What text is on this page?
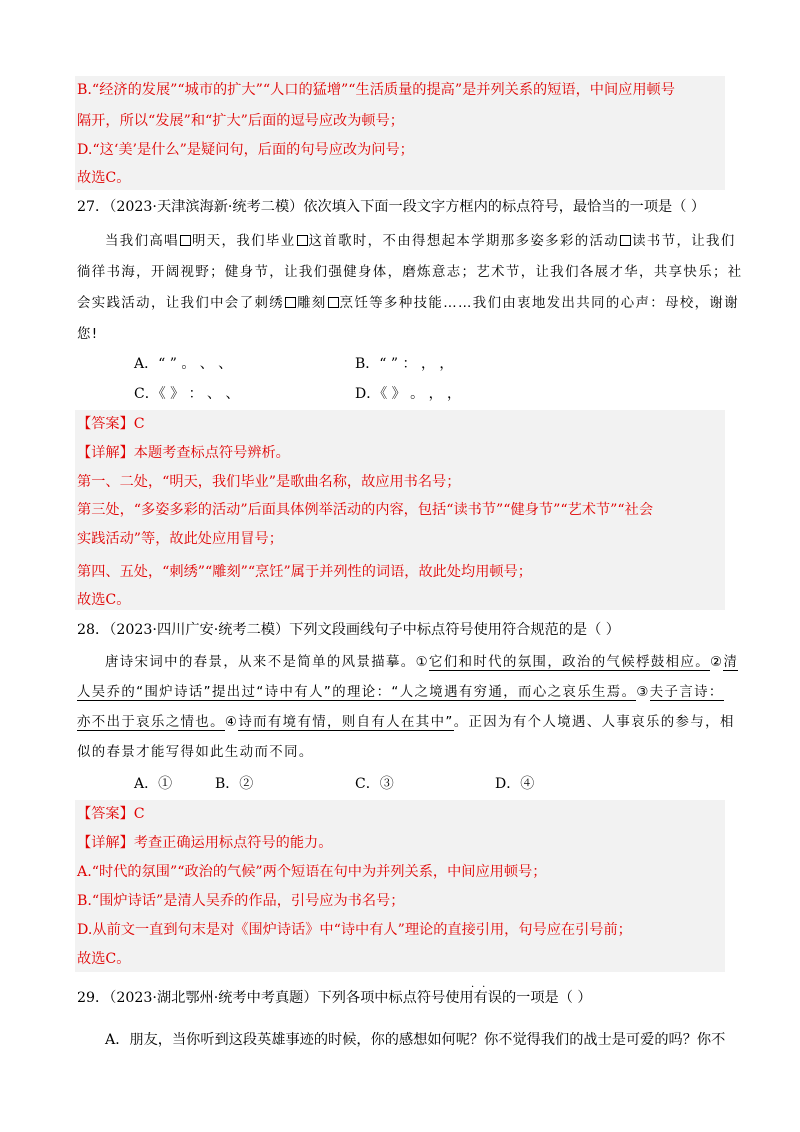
B.“经济的发展”“城市的扩大”“人口的猛增”“生活质量的提高”是并列关系的短语，中间应用顿号
隔开，所以“发展”和“扩大”后面的逗号应改为顿号；
D.“这‘美’是什么”是疑问句，后面的句号应改为问号；
故选C。
27．（2023·天津滨海新·统考二模）依次填入下面一段文字方框内的标点符号，最恰当的一项是（ ）
当我们高唱 明天，我们毕业 这首歌时，不由得想起本学期那多姿多彩的活动 读书节，让我们
徜徉书海，开阔视野；健身节，让我们强健身体，磨炼意志；艺术节，让我们各展才华，共享快乐；社
会实践活动，让我们中会了刺绣 雕刻 烹饪等多种技能……我们由衷地发出共同的心声：母校，谢谢
您!
A．“ ” 。 、 、	B．“ ” ： ， ，
C．《 》 ： 、 、	D．《 》 。 ， ，
【答案】C
【详解】本题考查标点符号辨析。
第一、二处，“明天，我们毕业”是歌曲名称，故应用书名号；
第三处，“多姿多彩的活动”后面具体例举活动的内容，包括“读书节”“健身节”“艺术节”“社会
实践活动”等，故此处应用冒号；
第四、五处，“刺绣”“雕刻”“烹饪”属于并列性的词语，故此处均用顿号；
故选C。
28．（2023·四川广安·统考二模）下列文段画线句子中标点符号使用符合规范的是（ ）
唐诗宋词中的春景，从来不是简单的风景描摹。①它们和时代的氛围，政治的气候桴鼓相应。②清
人吴乔的“围炉诗话”提出过“诗中有人”的理论：“人之境遇有穷通，而心之哀乐生焉。③夫子言诗：
亦不出于哀乐之情也。④诗而有境有情，则自有人在其中”。正因为有个人境遇、人事哀乐的参与，相
似的春景才能写得如此生动而不同。
A．①	B．②	C．③	D．④
【答案】C
【详解】考查正确运用标点符号的能力。
A.“时代的氛围”“政治的气候”两个短语在句中为并列关系，中间应用顿号；
B.“围炉诗话”是清人吴乔的作品，引号应为书名号；
D.从前文一直到句末是对《围炉诗话》中“诗中有人”理论的直接引用，句号应在引号前；
故选C。
··
29．（2023·湖北鄂州·统考中考真题）下列各项中标点符号使用有误的一项是（ ）
A．朋友，当你听到这段英雄事迹的时候，你的感想如何呢？你不觉得我们的战士是可爱的吗？你不
